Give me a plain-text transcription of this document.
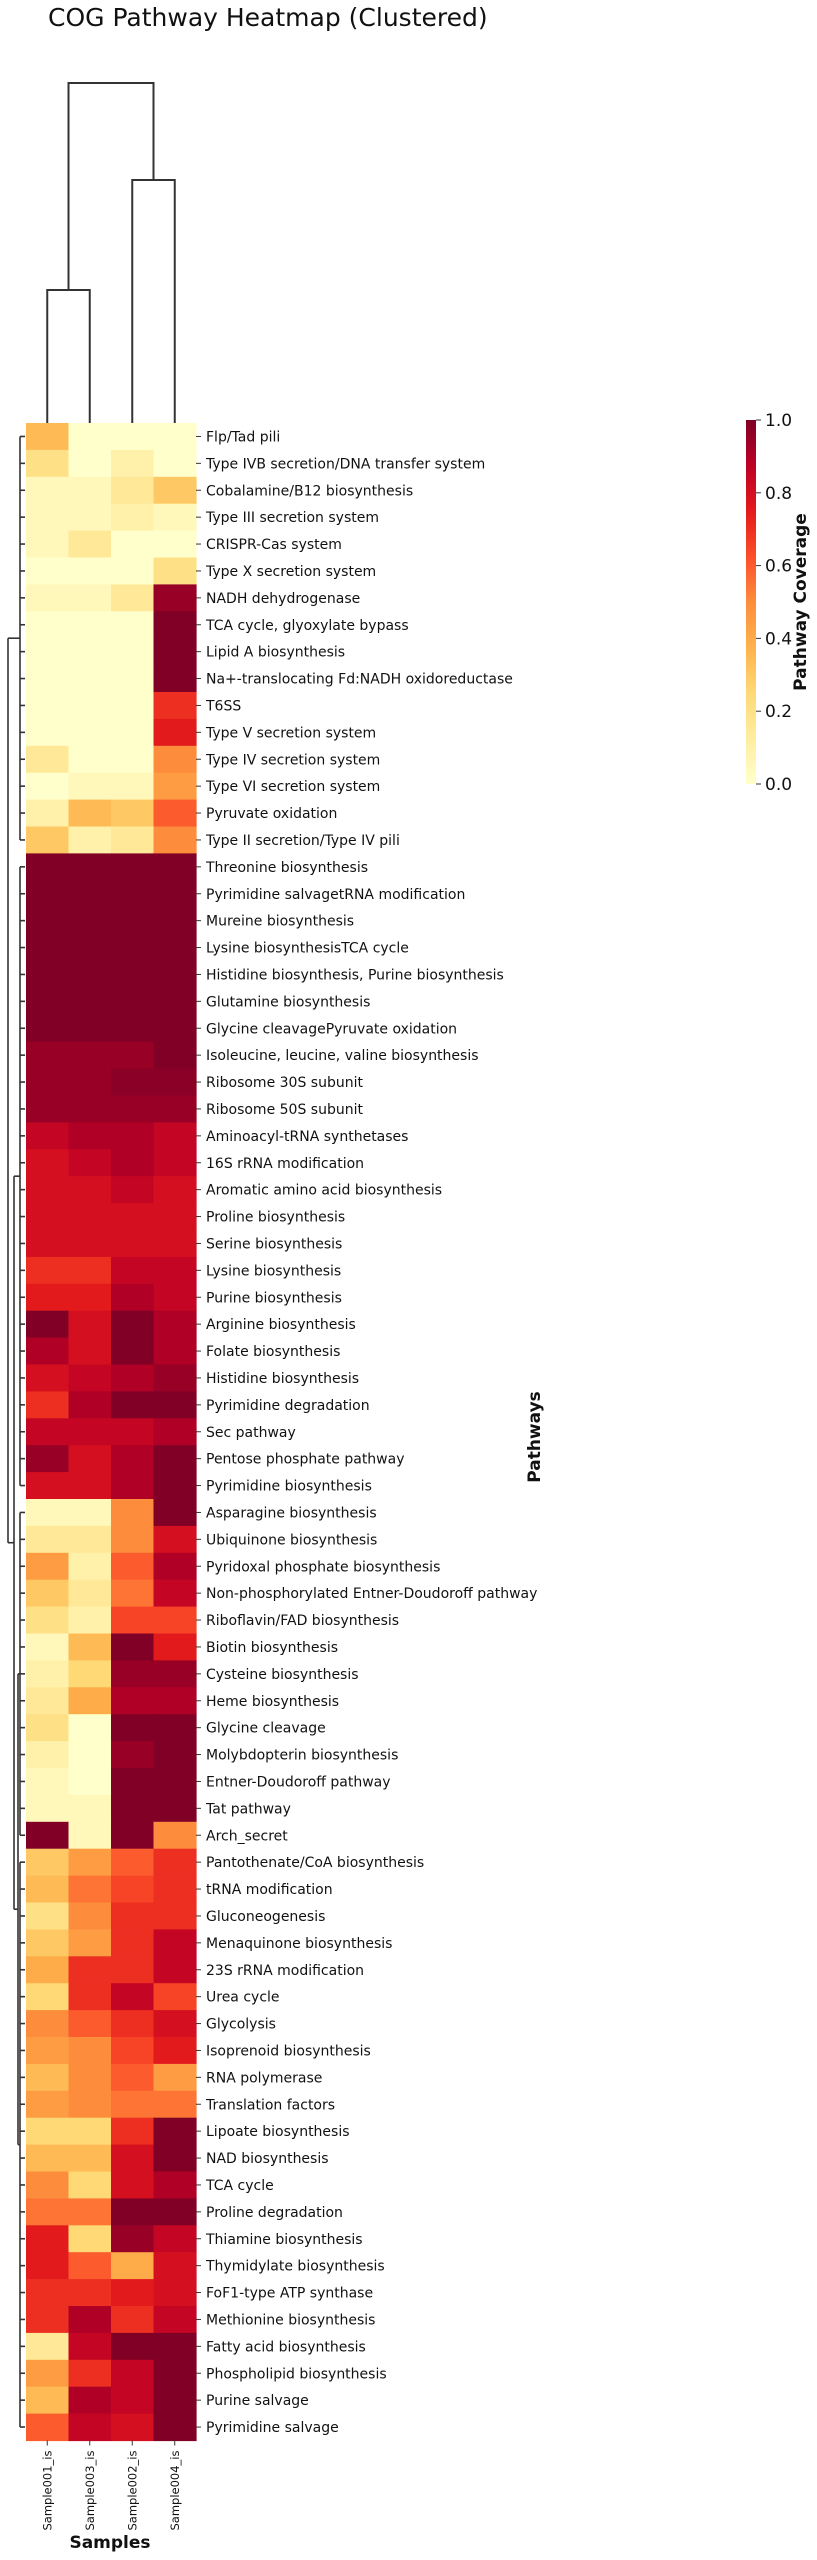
COG Pathway Heatmap (Clustered)
Flp/Tad pili
Type IVB secretion/DNA transfer system
Cobalamine/B12 biosynthesis
Type III secretion system
CRISPR-Cas system
Type X secretion system
NADH dehydrogenase
TCA cycle, glyoxylate bypass
Lipid A biosynthesis
Na+-translocating Fd:NADH oxidoreductase
T6SS
Type V secretion system
Type IV secretion system
Type VI secretion system
Pyruvate oxidation
Type II secretion/Type IV pili
Threonine biosynthesis
Pyrimidine salvagetRNA modification
Mureine biosynthesis
Lysine biosynthesisTCA cycle
Histidine biosynthesis, Purine biosynthesis
Glutamine biosynthesis
Glycine cleavagePyruvate oxidation
Isoleucine, leucine, valine biosynthesis
Ribosome 30S subunit
Ribosome 50S subunit
Aminoacyl-tRNA synthetases
16S rRNA modification
Aromatic amino acid biosynthesis
Proline biosynthesis
Serine biosynthesis
Lysine biosynthesis
Purine biosynthesis
Arginine biosynthesis
Folate biosynthesis
Histidine biosynthesis
Pyrimidine degradation
Sec pathway
Pentose phosphate pathway
Pyrimidine biosynthesis
Asparagine biosynthesis
Ubiquinone biosynthesis
Pyridoxal phosphate biosynthesis
Non-phosphorylated Entner-Doudoroff pathway
Riboflavin/FAD biosynthesis
Biotin biosynthesis
Cysteine biosynthesis
Heme biosynthesis
Glycine cleavage
Molybdopterin biosynthesis
Entner-Doudoroff pathway
Tat pathway
Arch_secret
Pantothenate/CoA biosynthesis
tRNA modification
Gluconeogenesis
Menaquinone biosynthesis
23S rRNA modification
Urea cycle
Glycolysis
Isoprenoid biosynthesis
RNA polymerase
Translation factors
Lipoate biosynthesis
NAD biosynthesis
TCA cycle
Proline degradation
Thiamine biosynthesis
Thymidylate biosynthesis
FoF1-type ATP synthase
Methionine biosynthesis
Fatty acid biosynthesis
Phospholipid biosynthesis
Purine salvage
Pyrimidine salvage
Sample001_is Sample003_is Sample002_is Sample004_is
Samples
Pathways
0.0
0.2
0.4
0.6
0.8
1.0
Pathway Coverage
